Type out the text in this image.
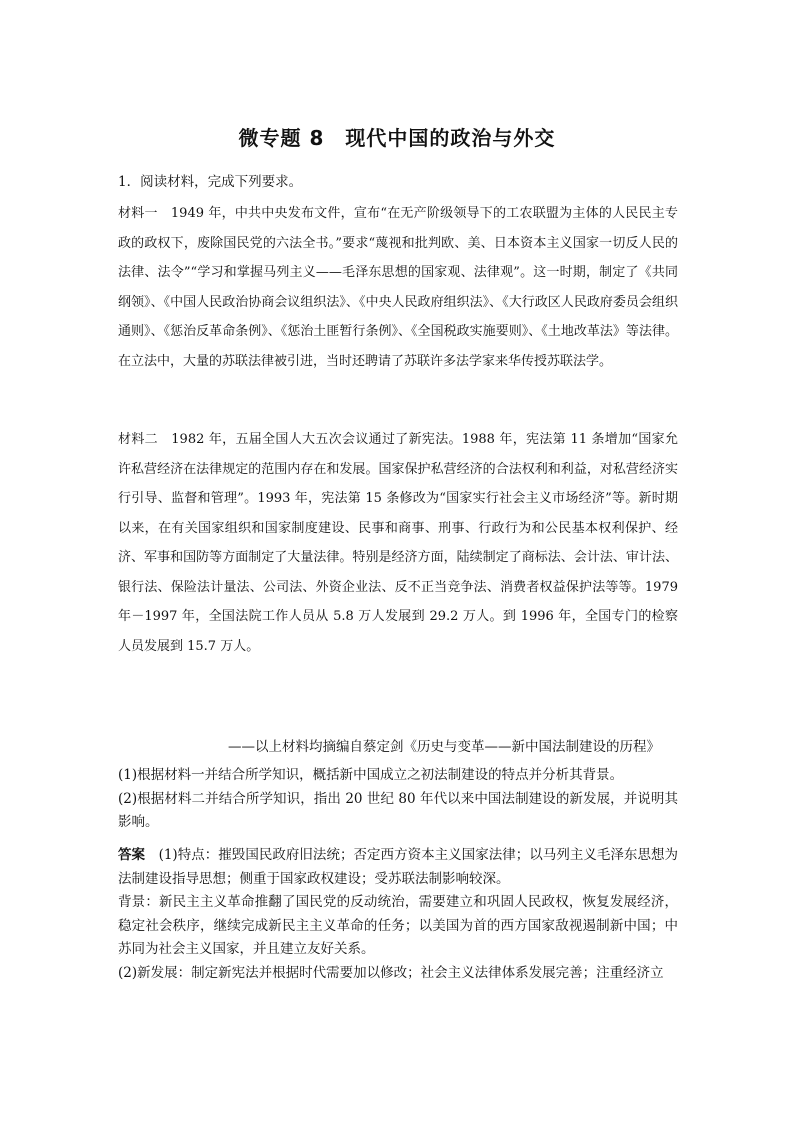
微专题 8　现代中国的政治与外交
1．阅读材料，完成下列要求。
材料一　1949 年，中共中央发布文件，宣布“在无产阶级领导下的工农联盟为主体的人民民主专政的政权下，废除国民党的六法全书。”要求“蔑视和批判欧、美、日本资本主义国家一切反人民的法律、法令”“学习和掌握马列主义——毛泽东思想的国家观、法律观”。这一时期，制定了《共同纲领》、《中国人民政治协商会议组织法》、《中央人民政府组织法》、《大行政区人民政府委员会组织通则》、《惩治反革命条例》、《惩治土匪暂行条例》、《全国税政实施要则》、《土地改革法》等法律。在立法中，大量的苏联法律被引进，当时还聘请了苏联许多法学家来华传授苏联法学。
材料二　1982 年，五届全国人大五次会议通过了新宪法。1988 年，宪法第 11 条增加“国家允许私营经济在法律规定的范围内存在和发展。国家保护私营经济的合法权利和利益，对私营经济实行引导、监督和管理”。1993 年，宪法第 15 条修改为“国家实行社会主义市场经济”等。新时期以来，在有关国家组织和国家制度建设、民事和商事、刑事、行政行为和公民基本权利保护、经济、军事和国防等方面制定了大量法律。特别是经济方面，陆续制定了商标法、会计法、审计法、银行法、保险法计量法、公司法、外资企业法、反不正当竞争法、消费者权益保护法等等。1979 年－1997 年，全国法院工作人员从 5.8 万人发展到 29.2 万人。到 1996 年，全国专门的检察人员发展到 15.7 万人。
——以上材料均摘编自蔡定剑《历史与变革——新中国法制建设的历程》
(1)根据材料一并结合所学知识，概括新中国成立之初法制建设的特点并分析其背景。
(2)根据材料二并结合所学知识，指出 20 世纪 80 年代以来中国法制建设的新发展，并说明其影响。
答案　(1)特点：摧毁国民政府旧法统；否定西方资本主义国家法律；以马列主义毛泽东思想为法制建设指导思想；侧重于国家政权建设；受苏联法制影响较深。
背景：新民主主义革命推翻了国民党的反动统治，需要建立和巩固人民政权，恢复发展经济，稳定社会秩序，继续完成新民主主义革命的任务；以美国为首的西方国家敌视遏制新中国；中苏同为社会主义国家，并且建立友好关系。
(2)新发展：制定新宪法并根据时代需要加以修改；社会主义法律体系发展完善；注重经济立
